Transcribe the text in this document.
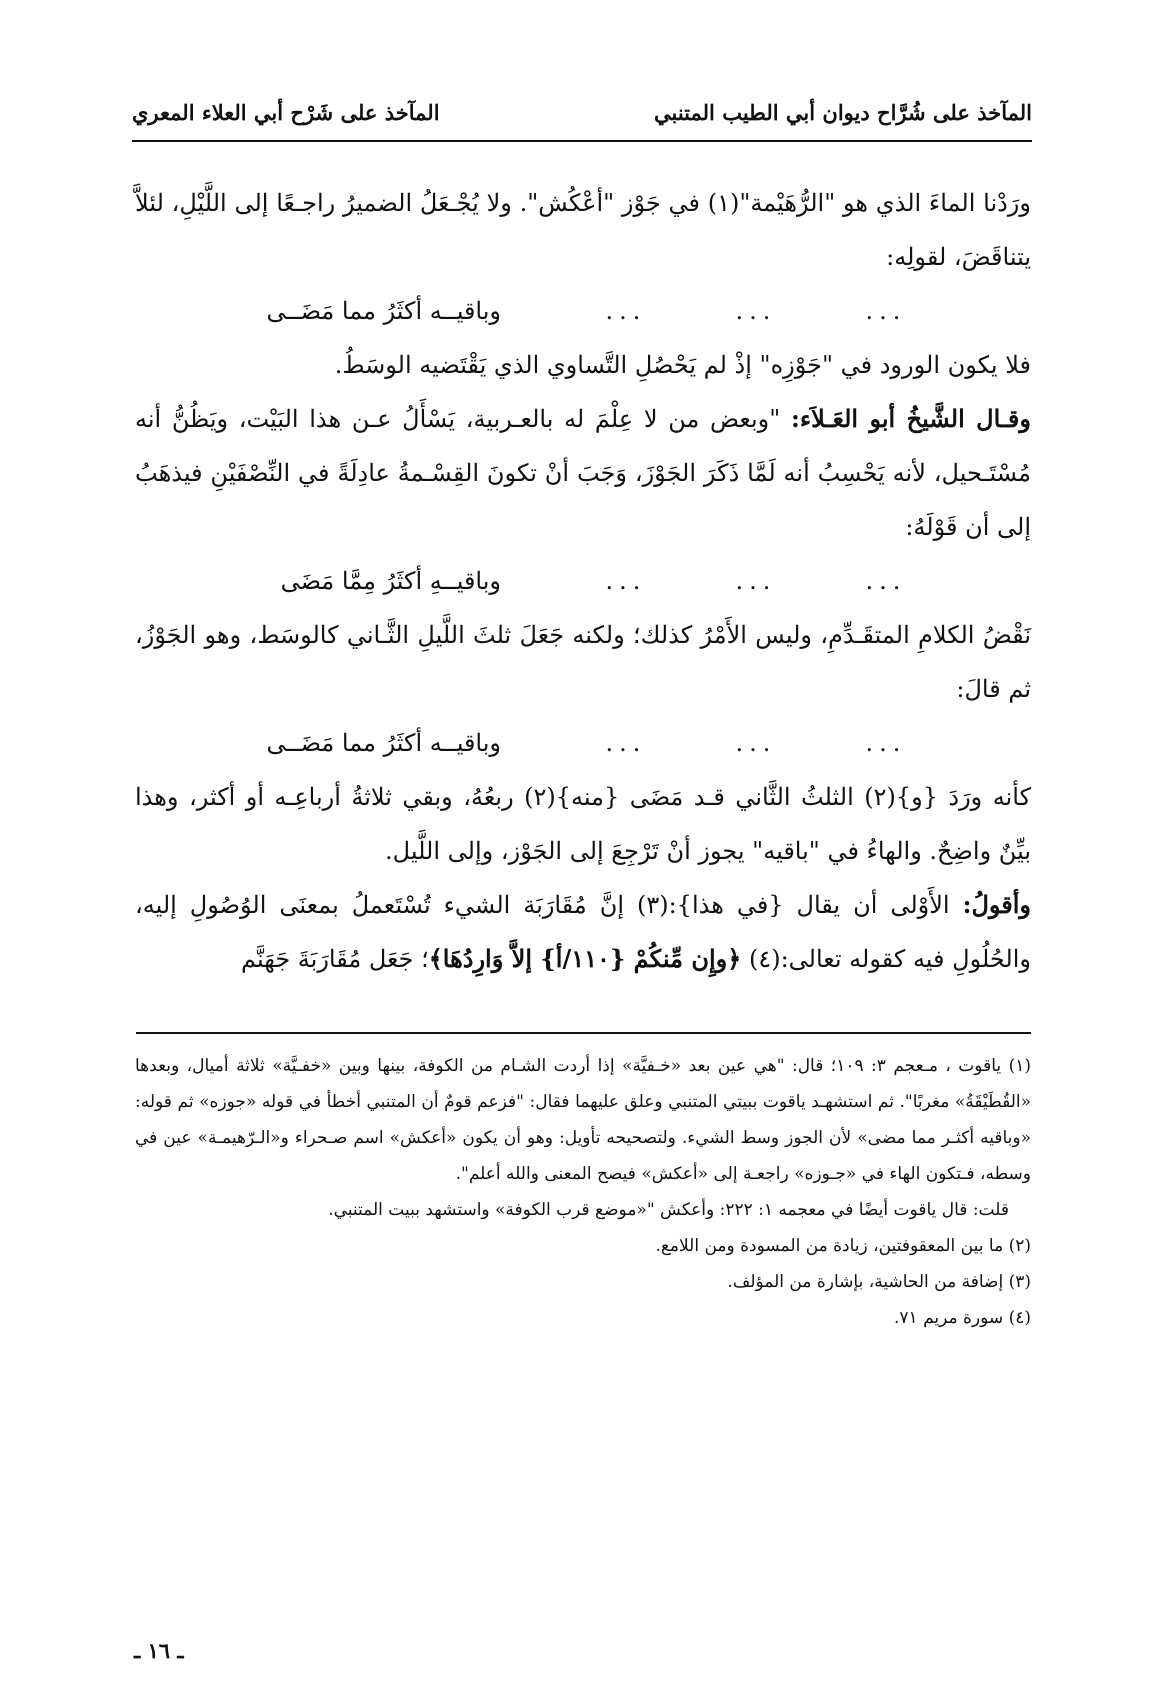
المآخذ على شُرَّاح ديوان أبي الطيب المتنبي
المآخذ على شَرْح أبي العلاء المعري

ورَدْنا الماءَ الذي هو "الرُّهَيْمة"(١) في جَوْز "أعْكُش". ولا يُجْـعَلُ الضميرُ راجـعًا إلى اللَّيْلِ، لئلاَّ يتناقَضَ، لقولِه:

...
...
...
وباقيــه أكثَرُ مما مَضَــى

فلا يكون الورود في "جَوْزِه" إذْ لم يَحْصُلِ التَّساوي الذي يَقْتَضيه الوسَطُ.

وقـال الشَّيخُ أبو العَـلاَء: "وبعض من لا عِلْمَ له بالعـربية، يَسْأَلُ عـن هذا البَيْت، ويَظُنُّ أنه مُسْتَـحيل، لأنه يَحْسِبُ أنه لَمَّا ذَكَرَ الجَوْزَ، وَجَبَ أنْ تكونَ القِسْـمةُ عادِلَةً في النِّصْفَيْنِ فيذهَبُ إلى أن قَوْلَهُ:

...
...
...
وباقيــهِ أكثَرُ مِمَّا مَضَى

نَقْضُ الكلامِ المتقَـدِّمِ، وليس الأَمْرُ كذلك؛ ولكنه جَعَلَ ثلثَ اللَّيلِ الثَّـاني كالوسَط، وهو الجَوْزُ، ثم قالَ:

...
...
...
وباقيــه أكثَرُ مما مَضَــى

كأنه ورَدَ {و}(٢) الثلثُ الثَّاني قـد مَضَى {منه}(٢) ربعُهُ، وبقي ثلاثةُ أرباعِـه أو أكثر، وهذا بيِّنٌ واضِحٌ. والهاءُ في "باقيه" يجوز أنْ تَرْجِعَ إلى الجَوْز، وإلى اللَّيل.

وأقولُ: الأَوْلى أن يقال {في هذا}:(٣) إنَّ مُقَارَبَة الشيء تُسْتَعملُ بمعنَى الوُصُولِ إليه، والحُلُولِ فيه كقوله تعالى:(٤) ﴿وإِن مِّنكُمْ {١١٠/أ} إلاَّ وَارِدُهَا﴾؛ جَعَل مُقَارَبَةَ جَهَنَّم

(١) ياقوت ، مـعجم ٣: ١٠٩؛ قال: "هي عين بعد «خـفيَّة» إذا أردت الشـام من الكوفة، بينها وبين «خفـيَّة» ثلاثة أميال، وبعدها «القُطَيْقَةُ» مغربًا". ثم استشهـد ياقوت ببيتي المتنبي وعلق عليهما فقال: "فزعم قومٌ أن المتنبي أخطأ في قوله «جوزه» ثم قوله: «وباقيه أكثـر مما مضى» لأن الجوز وسط الشيء. ولتصحيحه تأويل: وهو أن يكون «أعكش» اسم صـحراء و«الـرّهيمـة» عين في وسطه، فـتكون الهاء في «جـوزه» راجعـة إلى «أعكش» فيصح المعنى والله أعلم".

قلت: قال ياقوت أيضًا في معجمه ١: ٢٢٢: وأعكش "«موضع قرب الكوفة» واستشهد ببيت المتنبي.

(٢) ما بين المعقوفتين، زيادة من المسودة ومن اللامع.

(٣) إضافة من الحاشية، بإشارة من المؤلف.

(٤) سورة مريم ٧١.

ـ ١٦ ـ
